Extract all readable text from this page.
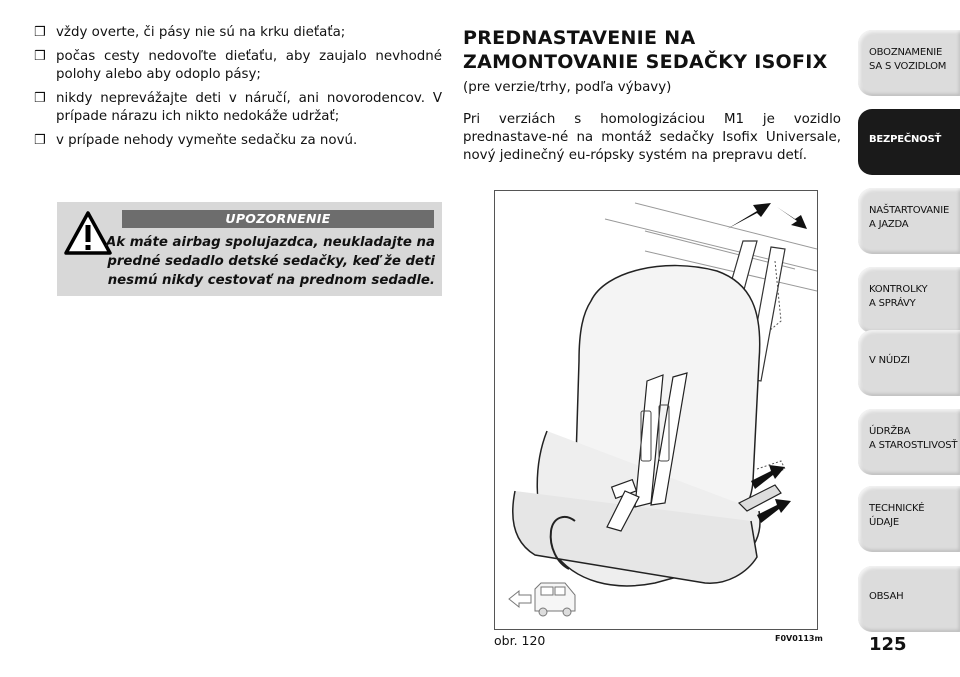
❒ vždy overte, či pásy nie sú na krku dieťaťa;
❒ počas cesty nedovoľte dieťaťu, aby zaujalo nevhodné polohy alebo aby odoplo pásy;
❒ nikdy neprevážajte deti v náručí, ani novorodencov. V prípade nárazu ich nikto nedokáže udržať;
❒ v prípade nehody vymeňte sedačku za novú.
UPOZORNENIE
Ak máte airbag spolujazdca, neukladajte na predné sedadlo detské sedačky, keď že deti nesmú nikdy cestovať na prednom sedadle.
PREDNASTAVENIE NA
ZAMONTOVANIE SEDAČKY ISOFIX
(pre verzie/trhy, podľa výbavy)
Pri verziách s homologizáciou M1 je vozidlo prednastave-né na montáž sedačky Isofix Universale, nový jedinečný eu-rópsky systém na prepravu detí.
obr. 120	F0V0113m	125
OBOZNAMENIE
SA S VOZIDLOM
BEZPEČNOSŤ
NAŠTARTOVANIE
A JAZDA
KONTROLKY
A SPRÁVY
V NÚDZI
ÚDRŽBA
A STAROSTLIVOSŤ
TECHNICKÉ
ÚDAJE
OBSAH
